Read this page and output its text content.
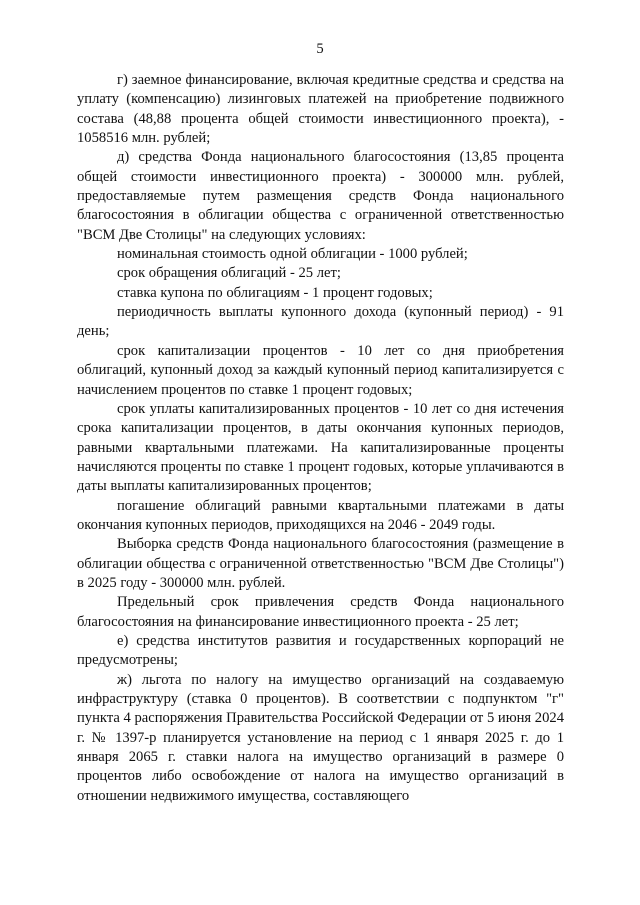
5

г) заемное финансирование, включая кредитные средства и средства на уплату (компенсацию) лизинговых платежей на приобретение подвижного состава (48,88 процента общей стоимости инвестиционного проекта), - 1058516 млн. рублей;

д) средства Фонда национального благосостояния (13,85 процента общей стоимости инвестиционного проекта) - 300000 млн. рублей, предоставляемые путем размещения средств Фонда национального благосостояния в облигации общества с ограниченной ответственностью "ВСМ Две Столицы" на следующих условиях:

номинальная стоимость одной облигации - 1000 рублей;

срок обращения облигаций - 25 лет;

ставка купона по облигациям - 1 процент годовых;

периодичность выплаты купонного дохода (купонный период) - 91 день;

срок капитализации процентов - 10 лет со дня приобретения облигаций, купонный доход за каждый купонный период капитализируется с начислением процентов по ставке 1 процент годовых;

срок уплаты капитализированных процентов - 10 лет со дня истечения срока капитализации процентов, в даты окончания купонных периодов, равными квартальными платежами. На капитализированные проценты начисляются проценты по ставке 1 процент годовых, которые уплачиваются в даты выплаты капитализированных процентов;

погашение облигаций равными квартальными платежами в даты окончания купонных периодов, приходящихся на 2046 - 2049 годы.

Выборка средств Фонда национального благосостояния (размещение в облигации общества с ограниченной ответственностью "ВСМ Две Столицы") в 2025 году - 300000 млн. рублей.

Предельный срок привлечения средств Фонда национального благосостояния на финансирование инвестиционного проекта - 25 лет;

е) средства институтов развития и государственных корпораций не предусмотрены;

ж) льгота по налогу на имущество организаций на создаваемую инфраструктуру (ставка 0 процентов). В соответствии с подпунктом "г" пункта 4 распоряжения Правительства Российской Федерации от 5 июня 2024 г. № 1397-р планируется установление на период с 1 января 2025 г. до 1 января 2065 г. ставки налога на имущество организаций в размере 0 процентов либо освобождение от налога на имущество организаций в отношении недвижимого имущества, составляющего
